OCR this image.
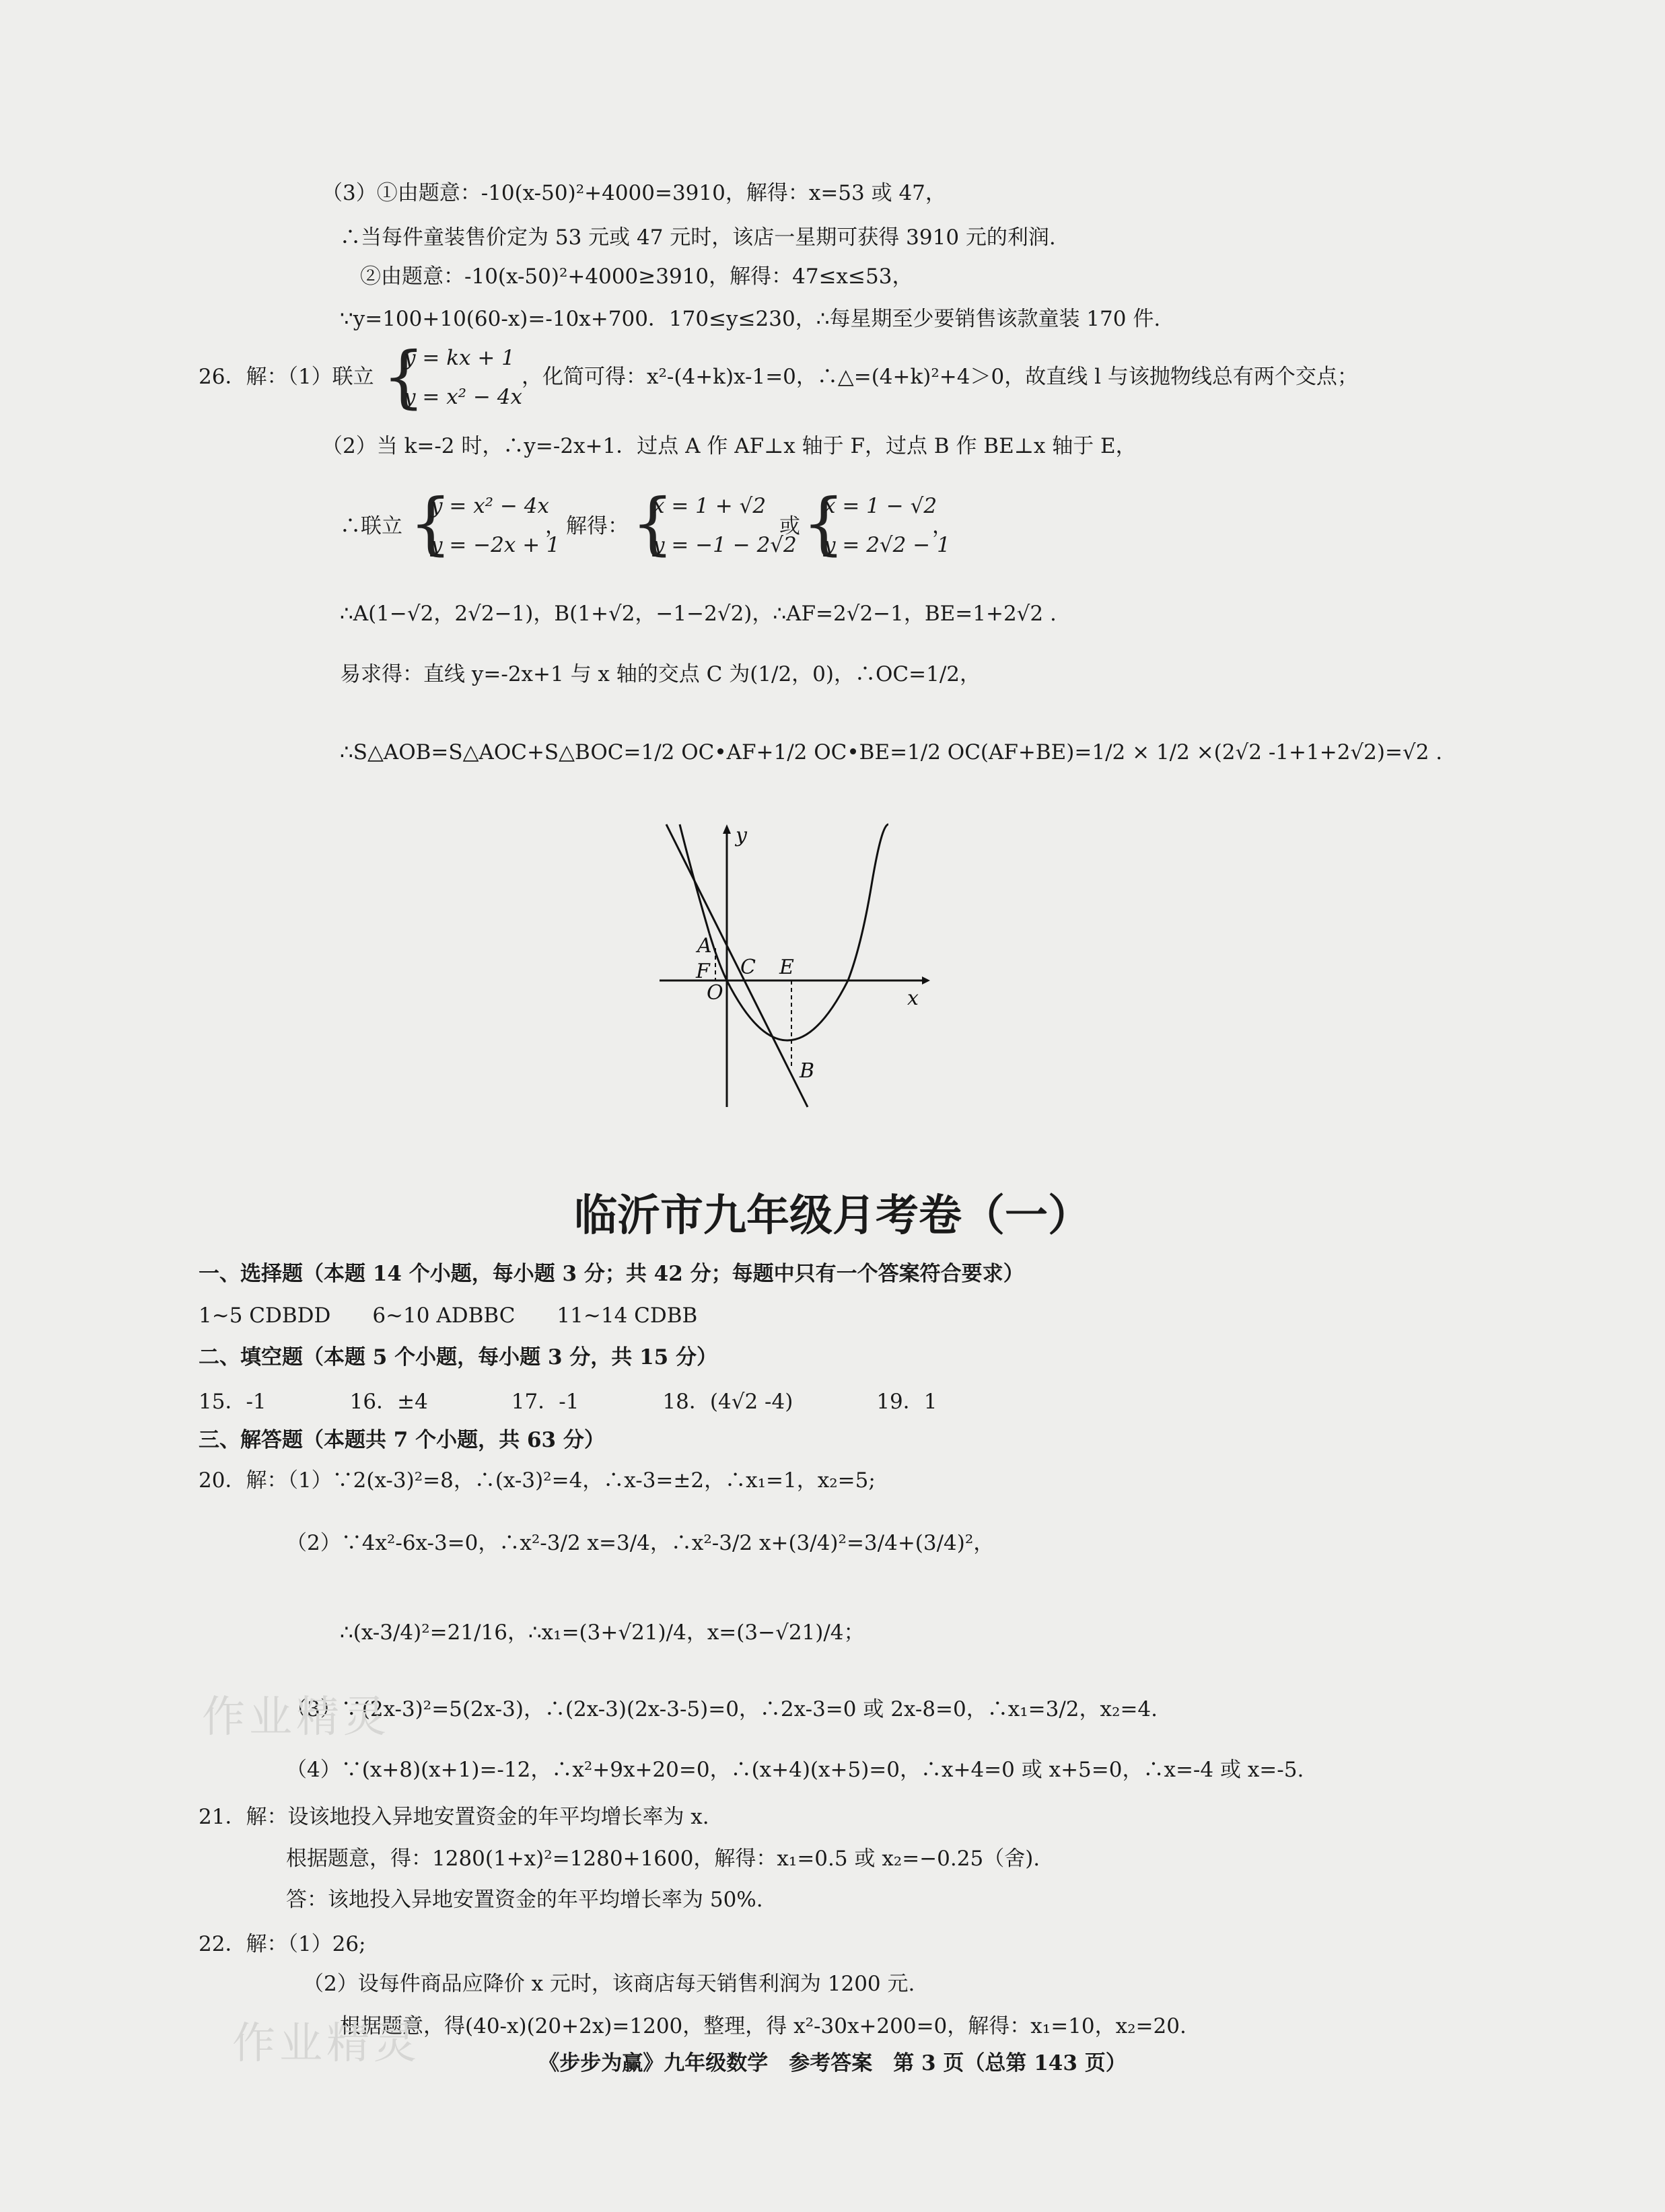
（3）①由题意：-10(x-50)²+4000=3910，解得：x=53 或 47，
∴当每件童装售价定为 53 元或 47 元时，该店一星期可获得 3910 元的利润.
②由题意：-10(x-50)²+4000≥3910，解得：47≤x≤53，
∵y=100+10(60-x)=-10x+700．170≤y≤230，∴每星期至少要销售该款童装 170 件.
26．解：（1）联立 {
y = kx + 1
y = x² − 4x
，化简可得：x²-(4+k)x-1=0，∴△=(4+k)²+4＞0，故直线 l 与该抛物线总有两个交点；
（2）当 k=-2 时，∴y=-2x+1．过点 A 作 AF⊥x 轴于 F，过点 B 作 BE⊥x 轴于 E，
∴联立 {
y = x² − 4x
y = −2x + 1
，解得： {
x = 1 + √2
y = −1 − 2√2
或 {
x = 1 − √2
y = 2√2 − 1
，
∴A(1−√2，2√2−1)，B(1+√2，−1−2√2)，∴AF=2√2−1，BE=1+2√2 .
易求得：直线 y=-2x+1 与 x 轴的交点 C 为(1/2，0)，∴OC=1/2，
∴S△AOB=S△AOC+S△BOC=1/2 OC•AF+1/2 OC•BE=1/2 OC(AF+BE)=1/2 × 1/2 ×(2√2 -1+1+2√2)=√2 .
y
x
A
F C E
O
B
临沂市九年级月考卷（一）
一、选择题（本题 14 个小题，每小题 3 分；共 42 分；每题中只有一个答案符合要求）
1~5 CDBDD　　6~10 ADBBC　　11~14 CDBB
二、填空题（本题 5 个小题，每小题 3 分，共 15 分）
15．-1　　　　16．±4　　　　17．-1　　　　18．(4√2 -4)　　　　19．1
三、解答题（本题共 7 个小题，共 63 分）
20．解：（1）∵2(x-3)²=8，∴(x-3)²=4，∴x-3=±2，∴x₁=1，x₂=5;
（2）∵4x²-6x-3=0，∴x²-3/2 x=3/4，∴x²-3/2 x+(3/4)²=3/4+(3/4)²，
∴(x-3/4)²=21/16，∴x₁=(3+√21)/4，x=(3−√21)/4；
（3）∵(2x-3)²=5(2x-3)，∴(2x-3)(2x-3-5)=0，∴2x-3=0 或 2x-8=0，∴x₁=3/2，x₂=4.
（4）∵(x+8)(x+1)=-12，∴x²+9x+20=0，∴(x+4)(x+5)=0，∴x+4=0 或 x+5=0，∴x=-4 或 x=-5.
21．解：设该地投入异地安置资金的年平均增长率为 x.
根据题意，得：1280(1+x)²=1280+1600，解得：x₁=0.5 或 x₂=−0.25（舍).
答：该地投入异地安置资金的年平均增长率为 50%.
22．解：（1）26;
（2）设每件商品应降价 x 元时，该商店每天销售利润为 1200 元.
根据题意，得(40-x)(20+2x)=1200，整理，得 x²-30x+200=0，解得：x₁=10，x₂=20.
作业精灵
作业精灵	《步步为赢》九年级数学　参考答案　第 3 页（总第 143 页）
